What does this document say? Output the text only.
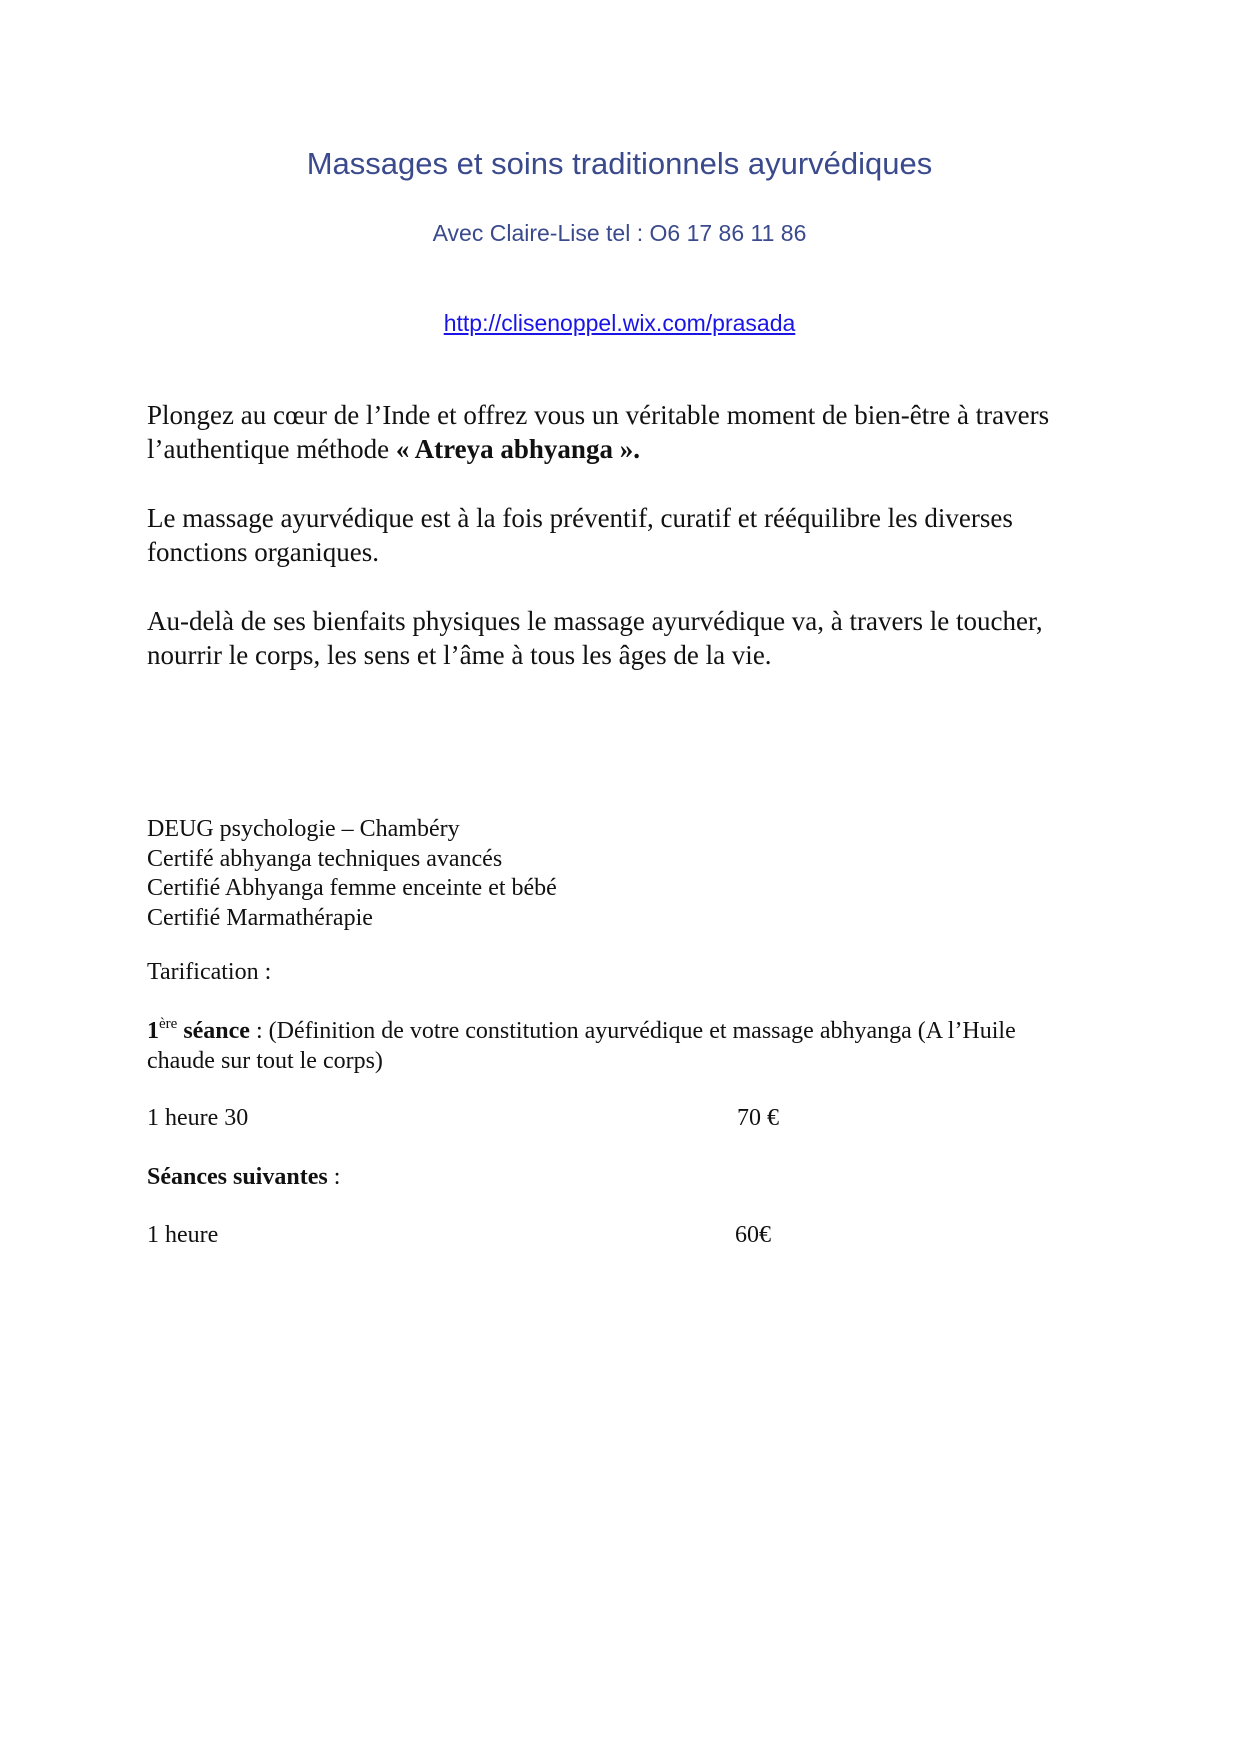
Massages et soins traditionnels ayurvédiques
Avec Claire-Lise tel : O6 17 86 11 86
http://clisenoppel.wix.com/prasada

Plongez au cœur de l’Inde et offrez vous un véritable moment de bien-être à travers l’authentique méthode « Atreya abhyanga ».

Le massage ayurvédique est à la fois préventif, curatif et rééquilibre les diverses fonctions organiques.

Au-delà de ses bienfaits physiques le massage ayurvédique va, à travers le toucher, nourrir le corps, les sens et l’âme à tous les âges de la vie.

DEUG psychologie – Chambéry
Certifé abhyanga techniques avancés
Certifié Abhyanga femme enceinte et bébé
Certifié Marmathérapie
Tarification :
1ère séance : (Définition de votre constitution ayurvédique et massage abhyanga (A l’Huile chaude sur tout le corps)
1 heure 30	70 €
Séances suivantes :
1 heure	60€
